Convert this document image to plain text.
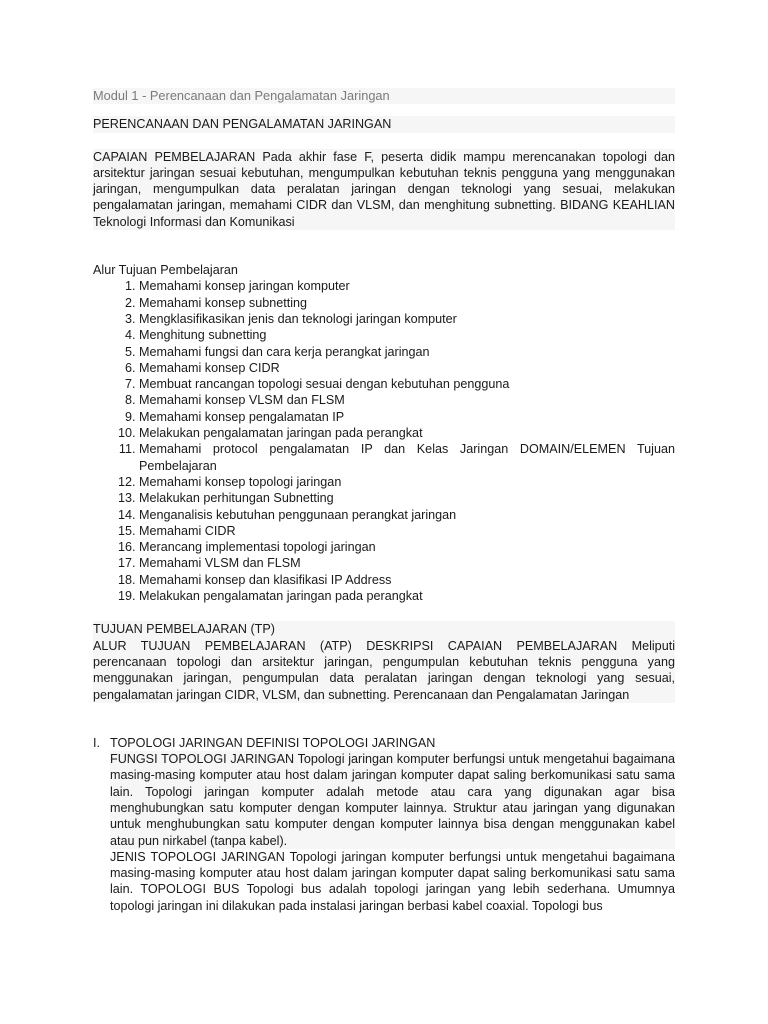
Modul 1 - Perencanaan dan Pengalamatan Jaringan
PERENCANAAN DAN PENGALAMATAN JARINGAN
CAPAIAN PEMBELAJARAN Pada akhir fase F, peserta didik mampu merencanakan topologi dan arsitektur jaringan sesuai kebutuhan, mengumpulkan kebutuhan teknis pengguna yang menggunakan jaringan, mengumpulkan data peralatan jaringan dengan teknologi yang sesuai, melakukan pengalamatan jaringan, memahami CIDR dan VLSM, dan menghitung subnetting. BIDANG KEAHLIAN Teknologi Informasi dan Komunikasi
Alur Tujuan Pembelajaran
1. Memahami konsep jaringan komputer
2. Memahami konsep subnetting
3. Mengklasifikasikan jenis dan teknologi jaringan komputer
4. Menghitung subnetting
5. Memahami fungsi dan cara kerja perangkat jaringan
6. Memahami konsep CIDR
7. Membuat rancangan topologi sesuai dengan kebutuhan pengguna
8. Memahami konsep VLSM dan FLSM
9. Memahami konsep pengalamatan IP
10. Melakukan pengalamatan jaringan pada perangkat
11. Memahami protocol pengalamatan IP dan Kelas Jaringan DOMAIN/ELEMEN Tujuan Pembelajaran
12. Memahami konsep topologi jaringan
13. Melakukan perhitungan Subnetting
14. Menganalisis kebutuhan penggunaan perangkat jaringan
15. Memahami CIDR
16. Merancang implementasi topologi jaringan
17. Memahami VLSM dan FLSM
18. Memahami konsep dan klasifikasi IP Address
19. Melakukan pengalamatan jaringan pada perangkat
TUJUAN PEMBELAJARAN (TP)
ALUR TUJUAN PEMBELAJARAN (ATP) DESKRIPSI CAPAIAN PEMBELAJARAN Meliputi perencanaan topologi dan arsitektur jaringan, pengumpulan kebutuhan teknis pengguna yang menggunakan jaringan, pengumpulan data peralatan jaringan dengan teknologi yang sesuai, pengalamatan jaringan CIDR, VLSM, dan subnetting. Perencanaan dan Pengalamatan Jaringan
I. TOPOLOGI JARINGAN DEFINISI TOPOLOGI JARINGAN
FUNGSI TOPOLOGI JARINGAN Topologi jaringan komputer berfungsi untuk mengetahui bagaimana masing-masing komputer atau host dalam jaringan komputer dapat saling berkomunikasi satu sama lain. Topologi jaringan komputer adalah metode atau cara yang digunakan agar bisa menghubungkan satu komputer dengan komputer lainnya. Struktur atau jaringan yang digunakan untuk menghubungkan satu komputer dengan komputer lainnya bisa dengan menggunakan kabel atau pun nirkabel (tanpa kabel).
JENIS TOPOLOGI JARINGAN Topologi jaringan komputer berfungsi untuk mengetahui bagaimana masing-masing komputer atau host dalam jaringan komputer dapat saling berkomunikasi satu sama lain. TOPOLOGI BUS Topologi bus adalah topologi jaringan yang lebih sederhana. Umumnya topologi jaringan ini dilakukan pada instalasi jaringan berbasi kabel coaxial. Topologi bus
